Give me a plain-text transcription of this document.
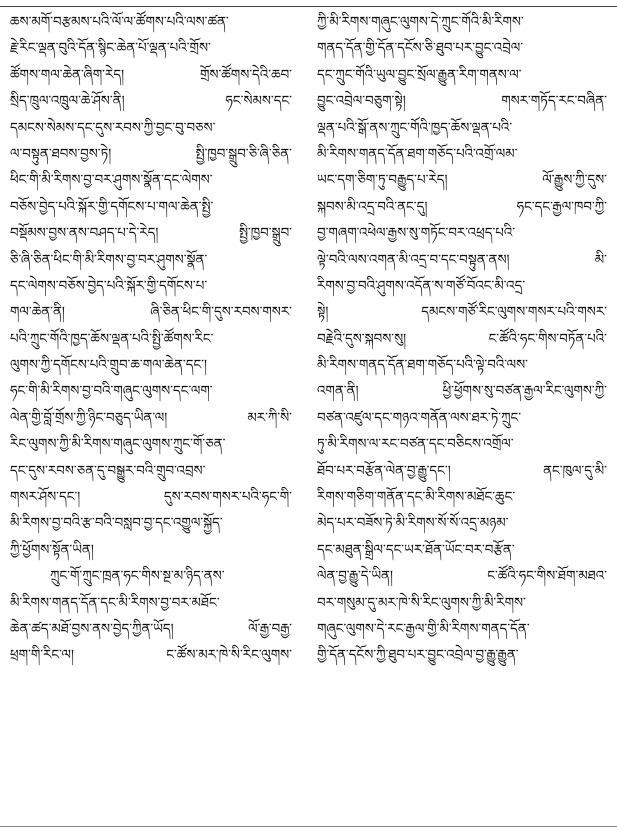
ཆས་མགོ་བརྩམས་པའི་ལོ་ལ་ཚོགས་པའི་ལས་ཚན་
རྗེ་རིང་ལྡན་བུའི་དོན་སྙིང་ཆེན་པོ་ལྡན་པའི་གྲོས་
ཚོགས་གལ་ཆེན་ཞིག་རེད། གྲོས་ཚོགས་དེའི་ཆབ་
སྲིད་ཁྲུལ་འཁྲུལ་ཆེ་ཤོས་ནི། ཧང་སེམས་དང་
དམངས་སེམས་དང་དུས་རབས་ཀྱི་བྱང་བུ་བཅས་
ལ་བསྟུན་ཐབས་བྱས་ཏེ། སྤྱི་ཁྱབ་སྒྲུབ་ཅི་ཞི་ཅིན་
ཕིང་གི་མི་རིགས་བྱ་བར་ཤུགས་སྣོན་དང་ལེགས་
བཅོས་བྱེད་པའི་སྐོར་གྱི་དགོངས་པ་གལ་ཆེན་སྤྱི་
བསྡོམས་བྱས་ནས་བཤད་པ་དེ་རེད། སྤྱི་ཁྱབ་སྒྲུབ་
ཅི་ཞི་ཅིན་ཕིང་གི་མི་རིགས་བྱ་བར་ཤུགས་སྣོན་
དང་ལེགས་བཅོས་བྱེད་པའི་སྐོར་གྱི་དགོངས་པ་
གལ་ཆེན་ནི། ཞི་ཅིན་ཕིང་གི་དུས་རབས་གསར་
པའི་ཀྲུང་གོའི་ཁྱད་ཆོས་ལྡན་པའི་སྤྱི་ཚོགས་རིང་
ལུགས་ཀྱི་དགོངས་པའི་གྲུབ་ཆ་གལ་ཆེན་དང་།
ཧང་གི་མི་རིགས་བྱ་བའི་གཞུང་ལུགས་དང་ལག་
ལེན་གྱི་བློ་གྲོས་ཀྱི་ཉིང་བཅུད་ཡིན་ལ། མར་ཀི་སི་
རིང་ལུགས་ཀྱི་མི་རིགས་གཞུང་ལུགས་ཀྲུང་གོ་ཅན་
དང་དུས་རབས་ཅན་དུ་བསྒྱུར་བའི་གྲུབ་འབྲས་
གསར་ཤོས་དང་། དུས་རབས་གསར་པའི་ཧང་གི་
མི་རིགས་བྱ་བའི་རྩ་བའི་བསླབ་བྱ་དང་འགྱུལ་སྐྱོད་
ཀྱི་ཕྱོགས་སྟོན་ཡིན།
ཀྲུང་གོ་ཀྲུང་ཁྲན་ཧང་གིས་སྔ་མ་ཉིད་ནས་
མི་རིགས་གནད་དོན་དང་མི་རིགས་བྱ་བར་མཐོང་
ཆེན་ཚད་མཐོ་བྱས་ནས་བྱེད་ཀྱིན་ཡོད། ལོ་རྒྱ་བརྒྱ་
ཕྲག་གི་རིང་ལ། ང་ཚོས་མར་ཁེ་སི་རིང་ལུགས་
ཀྱི་མི་རིགས་གཞུང་ལུགས་དེ་ཀྲུང་གོའི་མི་རིགས་
གནད་དོན་གྱི་དོན་དངོས་ཅི་ཐུབ་པར་བྱུང་འབྲེལ་
དང་ཀྲུང་གོའི་ཡུལ་བྱུང་སྲོལ་རྒྱུན་རིག་གནས་ལ་
བྱུང་འབྲེལ་བཅུག་སྟེ། གསར་གཏོད་རང་བཞིན་
ལྡན་པའི་སྒོ་ནས་ཀྲུང་གོའི་ཁྱད་ཆོས་ལྡན་པའི་
མི་རིགས་གནད་དོན་ཐག་གཅོད་པའི་འགྲོ་ལམ་
ཡང་དག་ཅིག་ཏུ་བརྒྱུད་པ་རེད། ལོ་རྒྱུས་ཀྱི་དུས་
སྐབས་མི་འདྲ་བའི་ནང་དུ། ཧང་དང་རྒྱལ་ཁབ་ཀྱི་
བྱ་གཞག་འཕེལ་རྒྱས་སུ་གཏོང་བར་འཕྲད་པའི་
ལྟེ་བའི་ལས་འགན་མི་འདྲ་བ་དང་བསྟུན་ནས། མི་
རིགས་བྱ་བའི་ཤུགས་འདོན་ས་གཙོ་བོའང་མི་འདྲ་
སྟེ། དམངས་གཙོ་རིང་ལུགས་གསར་པའི་གསར་
བརྗེའི་དུས་སྐབས་སུ། ང་ཚོའི་ཧང་གིས་བཏོན་པའི་
མི་རིགས་གནད་དོན་ཐག་གཅོད་པའི་ལྟེ་བའི་ལས་
འགན་ནི། ཕྱི་ཕྱོགས་སུ་བཙན་རྒྱལ་རིང་ལུགས་ཀྱི་
བཙན་འཛུལ་དང་གཉའ་གནོན་ལས་ཐར་ཏེ་ཀྲུང་
ཏུ་མི་རིགས་ལ་རང་བཙན་དང་བཅིངས་འགྲོལ་
ཐོབ་པར་བརྩོན་ལེན་བྱ་རྒྱུ་དང་། ནང་ཁུལ་དུ་མི་
རིགས་གཅིག་གནོན་དང་མི་རིགས་མཐོང་ཆུང་
མེད་པར་བཟོས་ཏེ་མི་རིགས་སོ་སོ་འདྲ་མཉམ་
དང་མཐུན་སྒྲིལ་དང་ཡར་ཐོན་ཡོང་བར་བརྩོན་
ལེན་བྱ་རྒྱུ་དེ་ཡིན། ང་ཚོའི་ཧང་གིས་ཐོག་མཐའ་
བར་གསུམ་དུ་མར་ཁེ་སི་རིང་ལུགས་ཀྱི་མི་རིགས་
གཞུང་ལུགས་དེ་རང་རྒྱལ་གྱི་མི་རིགས་གནད་དོན་
གྱི་དོན་དངོས་ཀྱི་ཐུབ་པར་བྱུང་འབྲེལ་བྱ་རྒྱུ་རྒྱུན་
